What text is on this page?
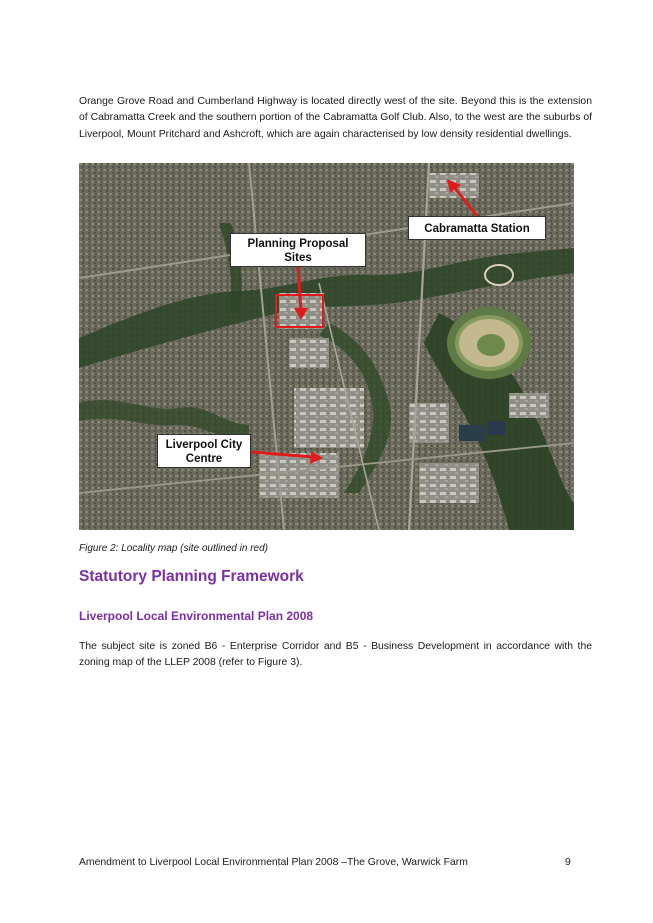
Orange Grove Road and Cumberland Highway is located directly west of the site. Beyond this is the extension of Cabramatta Creek and the southern portion of the Cabramatta Golf Club. Also, to the west are the suburbs of Liverpool, Mount Pritchard and Ashcroft, which are again characterised by low density residential dwellings.

Cabramatta Station
Planning Proposal Sites
Liverpool City Centre

Figure 2: Locality map (site outlined in red)

Statutory Planning Framework
Liverpool Local Environmental Plan 2008

The subject site is zoned B6 - Enterprise Corridor and B5 - Business Development in accordance with the zoning map of the LLEP 2008 (refer to Figure 3).

Amendment to Liverpool Local Environmental Plan 2008 –The Grove, Warwick Farm	9
